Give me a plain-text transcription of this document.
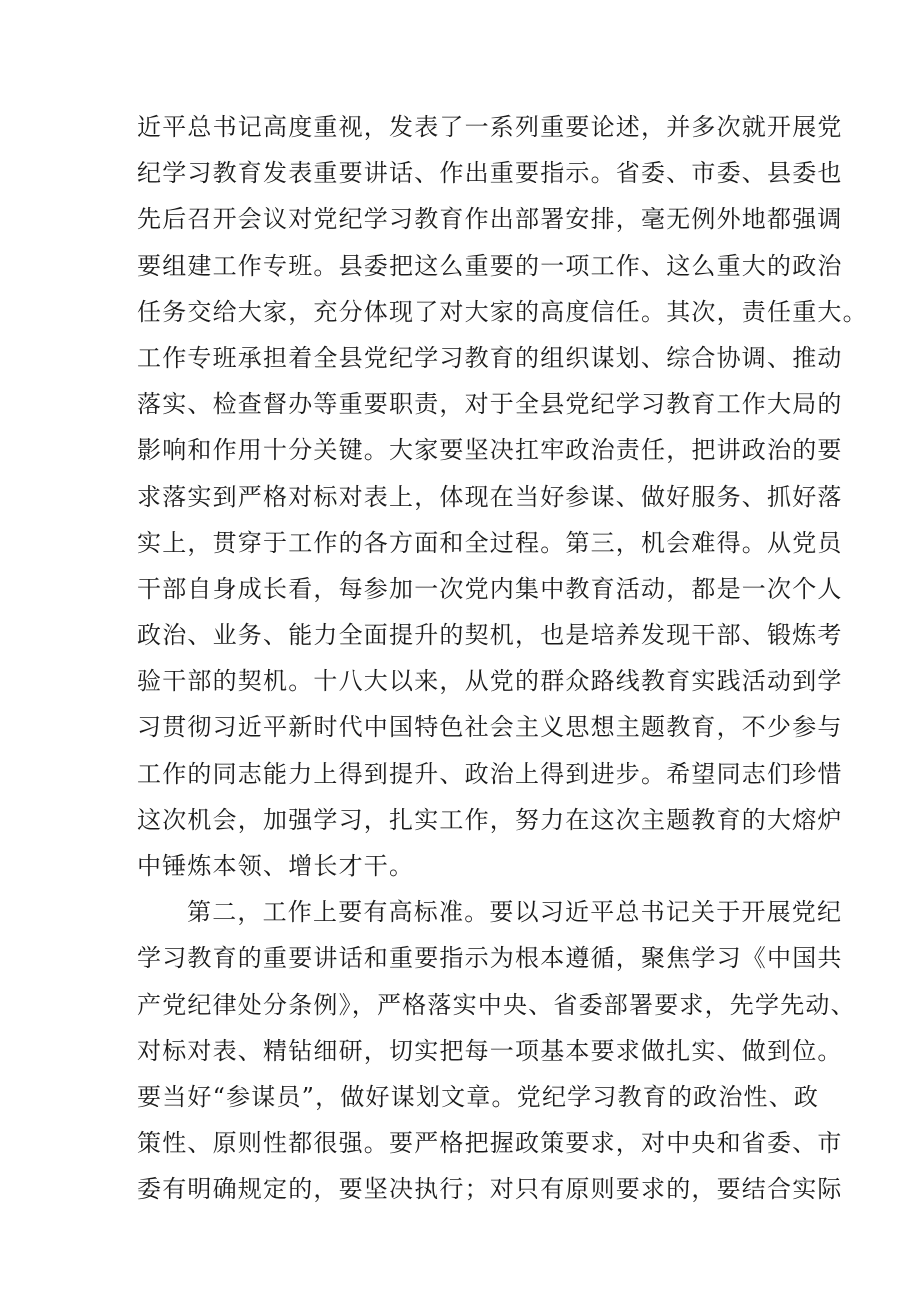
近平总书记高度重视，发表了一系列重要论述，并多次就开展党
纪学习教育发表重要讲话、作出重要指示。省委、市委、县委也
先后召开会议对党纪学习教育作出部署安排，毫无例外地都强调
要组建工作专班。县委把这么重要的一项工作、这么重大的政治
任务交给大家，充分体现了对大家的高度信任。其次，责任重大。
工作专班承担着全县党纪学习教育的组织谋划、综合协调、推动
落实、检查督办等重要职责，对于全县党纪学习教育工作大局的
影响和作用十分关键。大家要坚决扛牢政治责任，把讲政治的要
求落实到严格对标对表上，体现在当好参谋、做好服务、抓好落
实上，贯穿于工作的各方面和全过程。第三，机会难得。从党员
干部自身成长看，每参加一次党内集中教育活动，都是一次个人
政治、业务、能力全面提升的契机，也是培养发现干部、锻炼考
验干部的契机。十八大以来，从党的群众路线教育实践活动到学
习贯彻习近平新时代中国特色社会主义思想主题教育，不少参与
工作的同志能力上得到提升、政治上得到进步。希望同志们珍惜
这次机会，加强学习，扎实工作，努力在这次主题教育的大熔炉
中锤炼本领、增长才干。
第二，工作上要有高标准。要以习近平总书记关于开展党纪
学习教育的重要讲话和重要指示为根本遵循，聚焦学习《中国共
产党纪律处分条例》，严格落实中央、省委部署要求，先学先动、
对标对表、精钻细研，切实把每一项基本要求做扎实、做到位。
要当好“参谋员”，做好谋划文章。党纪学习教育的政治性、政
策性、原则性都很强。要严格把握政策要求，对中央和省委、市
委有明确规定的，要坚决执行；对只有原则要求的，要结合实际
